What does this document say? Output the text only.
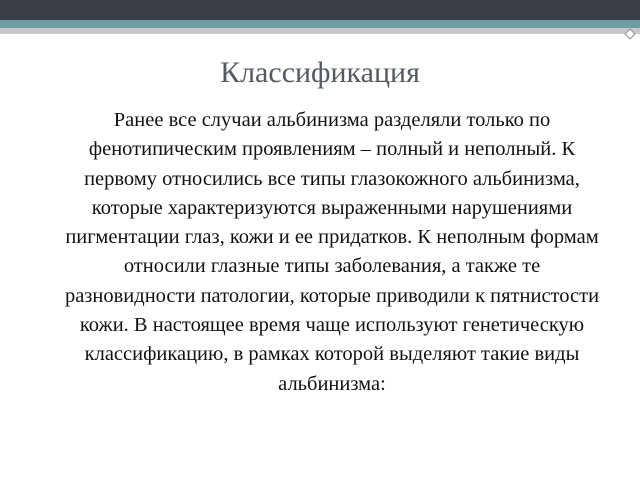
Классификация

Ранее все случаи альбинизма разделяли только по фенотипическим проявлениям – полный и неполный. К первому относились все типы глазокожного альбинизма, которые характеризуются выраженными нарушениями пигментации глаз, кожи и ее придатков. К неполным формам относили глазные типы заболевания, а также те разновидности патологии, которые приводили к пятнистости кожи. В настоящее время чаще используют генетическую классификацию, в рамках которой выделяют такие виды альбинизма:
